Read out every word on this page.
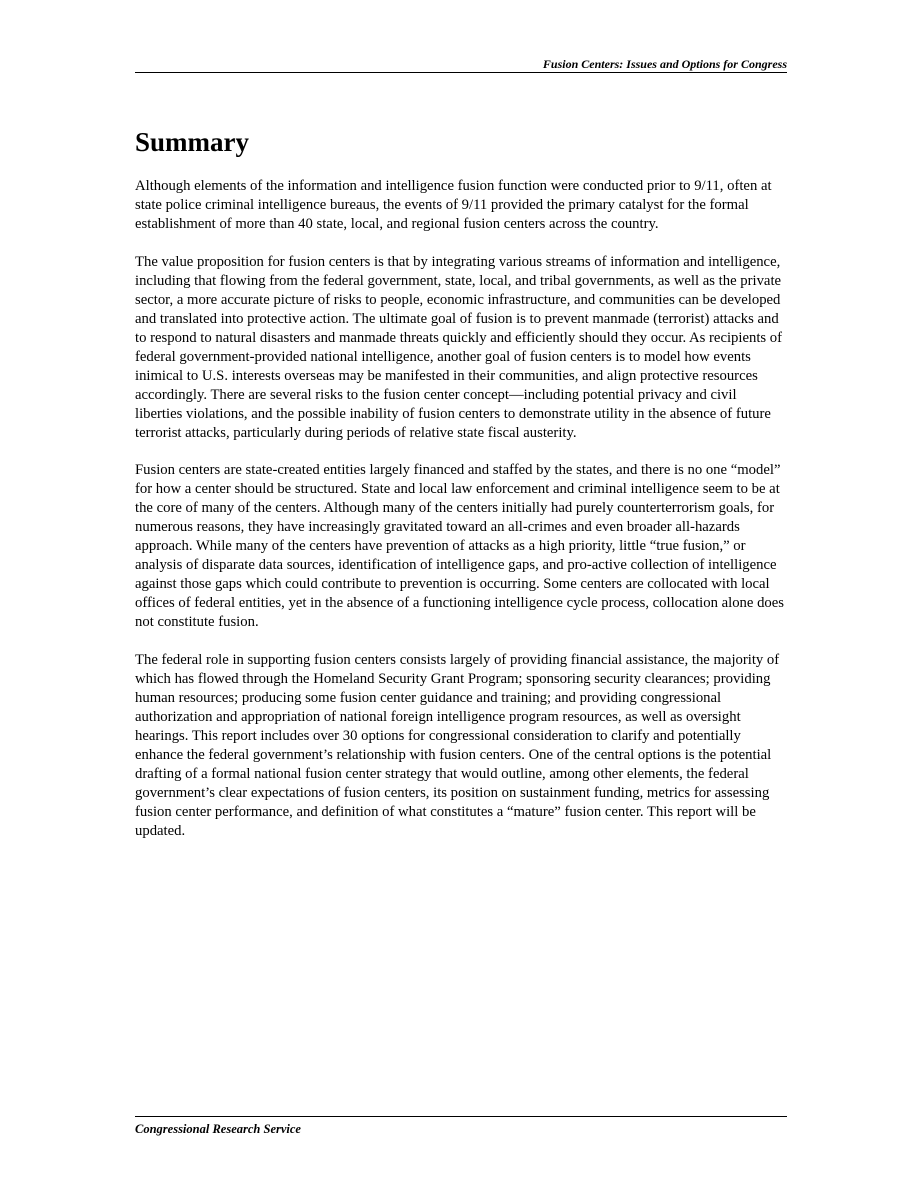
Fusion Centers: Issues and Options for Congress
Summary

Although elements of the information and intelligence fusion function were conducted prior to 9/11, often at state police criminal intelligence bureaus, the events of 9/11 provided the primary catalyst for the formal establishment of more than 40 state, local, and regional fusion centers across the country.

The value proposition for fusion centers is that by integrating various streams of information and intelligence, including that flowing from the federal government, state, local, and tribal governments, as well as the private sector, a more accurate picture of risks to people, economic infrastructure, and communities can be developed and translated into protective action. The ultimate goal of fusion is to prevent manmade (terrorist) attacks and to respond to natural disasters and manmade threats quickly and efficiently should they occur. As recipients of federal government-provided national intelligence, another goal of fusion centers is to model how events inimical to U.S. interests overseas may be manifested in their communities, and align protective resources accordingly. There are several risks to the fusion center concept—including potential privacy and civil liberties violations, and the possible inability of fusion centers to demonstrate utility in the absence of future terrorist attacks, particularly during periods of relative state fiscal austerity.

Fusion centers are state-created entities largely financed and staffed by the states, and there is no one “model” for how a center should be structured. State and local law enforcement and criminal intelligence seem to be at the core of many of the centers. Although many of the centers initially had purely counterterrorism goals, for numerous reasons, they have increasingly gravitated toward an all-crimes and even broader all-hazards approach. While many of the centers have prevention of attacks as a high priority, little “true fusion,” or analysis of disparate data sources, identification of intelligence gaps, and pro-active collection of intelligence against those gaps which could contribute to prevention is occurring. Some centers are collocated with local offices of federal entities, yet in the absence of a functioning intelligence cycle process, collocation alone does not constitute fusion.

The federal role in supporting fusion centers consists largely of providing financial assistance, the majority of which has flowed through the Homeland Security Grant Program; sponsoring security clearances; providing human resources; producing some fusion center guidance and training; and providing congressional authorization and appropriation of national foreign intelligence program resources, as well as oversight hearings. This report includes over 30 options for congressional consideration to clarify and potentially enhance the federal government’s relationship with fusion centers. One of the central options is the potential drafting of a formal national fusion center strategy that would outline, among other elements, the federal government’s clear expectations of fusion centers, its position on sustainment funding, metrics for assessing fusion center performance, and definition of what constitutes a “mature” fusion center. This report will be updated.

Congressional Research Service
